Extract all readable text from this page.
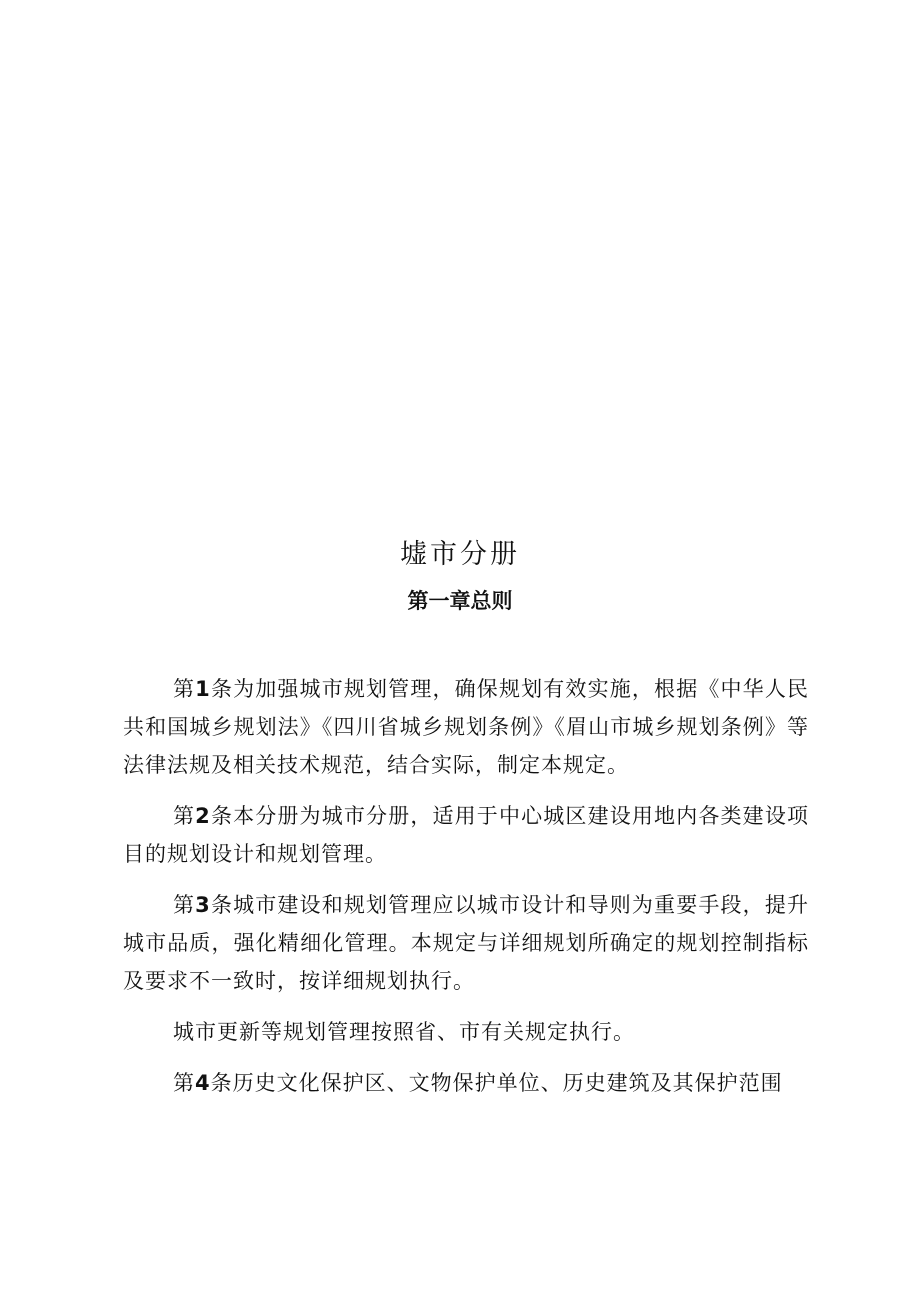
墟市分册
第一章总则

第1条为加强城市规划管理，确保规划有效实施，根据《中华人民共和国城乡规划法》《四川省城乡规划条例》《眉山市城乡规划条例》等法律法规及相关技术规范，结合实际，制定本规定。

第2条本分册为城市分册，适用于中心城区建设用地内各类建设项目的规划设计和规划管理。

第3条城市建设和规划管理应以城市设计和导则为重要手段，提升城市品质，强化精细化管理。本规定与详细规划所确定的规划控制指标及要求不一致时，按详细规划执行。

城市更新等规划管理按照省、市有关规定执行。

第4条历史文化保护区、文物保护单位、历史建筑及其保护范围
